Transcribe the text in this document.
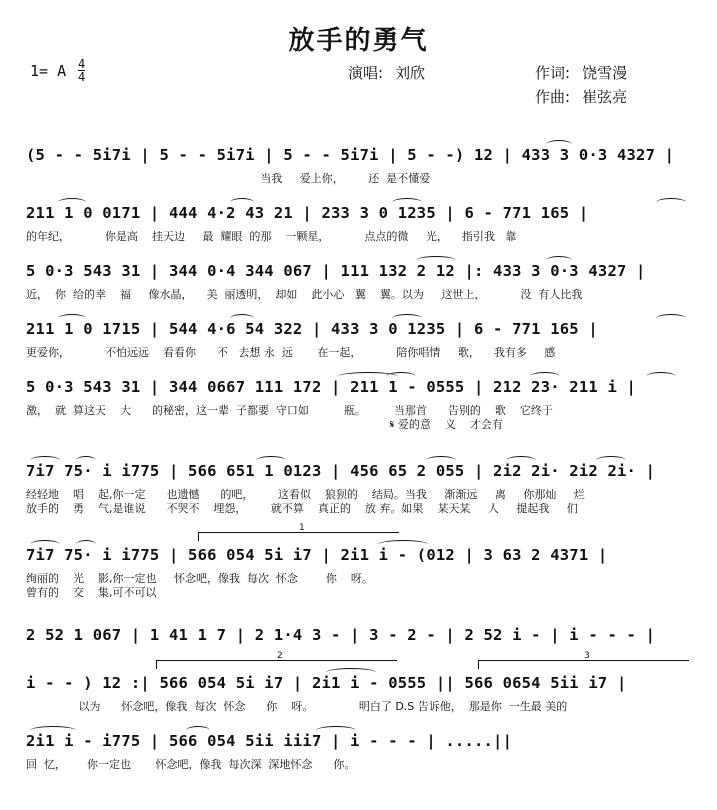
放手的勇气
1= A 4
4	演唱: 刘欣	作词: 饶雪漫
作曲: 崔弦亮
(5 - - 5i7i | 5 - - 5i7i | 5 - - 5i7i | 5 - -) 12 | 433 3 0·3 4327 |
当我     爱上你，       还  是不懂爱
211 1 0 0171 | 444 4·2 43 21 | 233 3 0 1235 | 6 - 771 165 |
的年纪，          你是高    挂天边     最  耀眼  的那    一颗星，          点点的微     光，    指引我   靠
5 0·3 543 31 | 344 0·4 344 067 | 111 132 2 12 |: 433 3 0·3 4327 |
近，  你  给的幸    福     像水晶，    美  丽透明，  却如    此小心   翼    翼。以为     这世上，          没  有人比我
211 1 0 1715 | 544 4·6 54 322 | 433 3 0 1235 | 6 - 771 165 |
更爱你，          不怕远远    看看你      不   去想 永  远       在一起，          陪你唱情     歌，    我有多     感
5 0·3 543 31 | 344 0667 111 172 | 211 1 - 0555 | 212 23· 211 i |
激，  就  算这天    大      的秘密，这一辈  子都要  守口如          瓶。        当那首      告别的    歌    它终于
𝄋 爱的意    义    才会有
7i7 75· i i775 | 566 651 1 0123 | 456 65 2 055 | 2i2 2i· 2i2 2i· |
经轻地    唱    起,你一定      也遗憾      的吧，       这看似    狼狈的    结局。当我     渐渐远     离     你那灿     烂
放手的    勇    气,是谁说      不哭不    埋怨，       就不算    真正的    放 弃。如果    某天某     人     提起我     们
1
7i7 75· i i775 | 566 054 5i i7 | 2i1 i - (012 | 3 63 2 4371 |
绚丽的    光    影,你一定也     怀念吧，像我  每次  怀念        你    呀。
曾有的    交    集,可不可以
2 52 1 067 | 1 41 1 7 | 2 1·4 3 - | 3 - 2 - | 2 52 i - | i - - - |
2	3
i - - ) 12 :| 566 054 5i i7 | 2i1 i - 0555 || 566 0654 5ii i7 |
以为      怀念吧，像我  每次  怀念      你    呀。             明白了 D.S 告诉他，  那是你  一生最 美的
2i1 i - i775 | 566 054 5ii iii7 | i - - - | .....||
回  忆，      你一定也       怀念吧，像我  每次深  深地怀念      你。
